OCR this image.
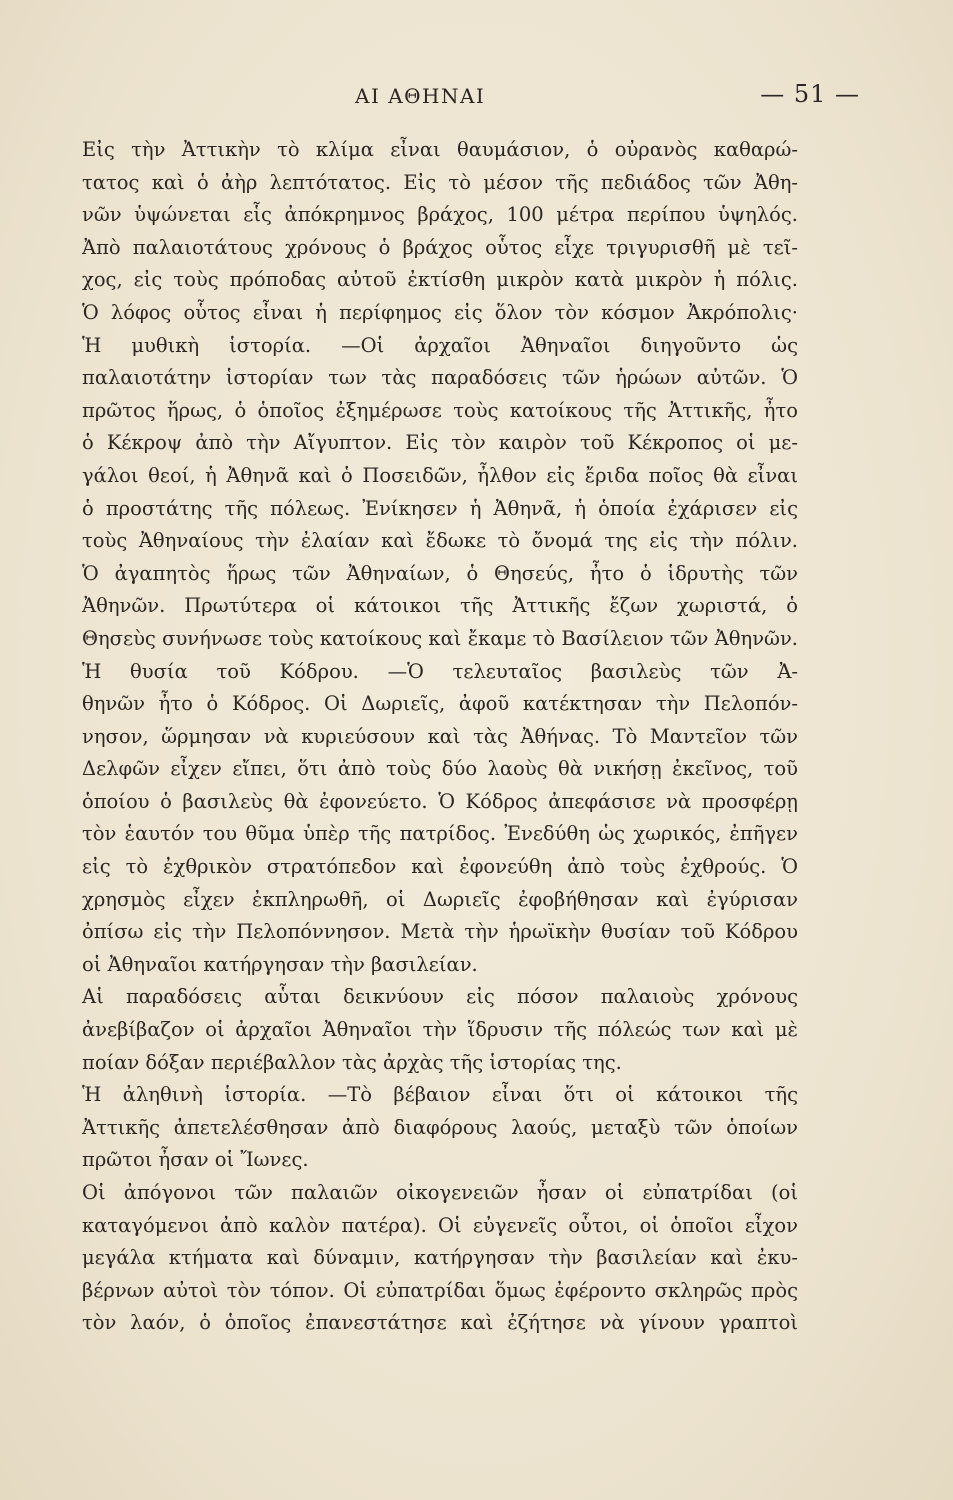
ΑΙ ΑΘΗΝΑΙ	— 51 —
Εἰς τὴν Ἀττικὴν τὸ κλίμα εἶναι θαυμάσιον, ὁ οὐρανὸς καθαρώ-
τατος καὶ ὁ ἀὴρ λεπτότατος. Εἰς τὸ μέσον τῆς πεδιάδος τῶν Ἀθη-
νῶν ὑψώνεται εἷς ἀπόκρημνος βράχος, 100 μέτρα περίπου ὑψηλός.
Ἀπὸ παλαιοτάτους χρόνους ὁ βράχος οὗτος εἶχε τριγυρισθῆ μὲ τεῖ-
χος, εἰς τοὺς πρόποδας αὐτοῦ ἐκτίσθη μικρὸν κατὰ μικρὸν ἡ πόλις.
Ὁ λόφος οὗτος εἶναι ἡ περίφημος εἰς ὅλον τὸν κόσμον Ἀκρόπολις·
Ἡ μυθικὴ ἱστορία. —Οἱ ἀρχαῖοι Ἀθηναῖοι διηγοῦντο ὡς
παλαιοτάτην ἱστορίαν των τὰς παραδόσεις τῶν ἡρώων αὐτῶν. Ὁ
πρῶτος ἥρως, ὁ ὁποῖος ἐξημέρωσε τοὺς κατοίκους τῆς Ἀττικῆς, ἦτο
ὁ Κέκροψ ἀπὸ τὴν Αἴγυπτον. Εἰς τὸν καιρὸν τοῦ Κέκροπος οἱ με-
γάλοι θεοί, ἡ Ἀθηνᾶ καὶ ὁ Ποσειδῶν, ἦλθον εἰς ἔριδα ποῖος θὰ εἶναι
ὁ προστάτης τῆς πόλεως. Ἐνίκησεν ἡ Ἀθηνᾶ, ἡ ὁποία ἐχάρισεν εἰς
τοὺς Ἀθηναίους τὴν ἐλαίαν καὶ ἔδωκε τὸ ὄνομά της εἰς τὴν πόλιν.
Ὁ ἀγαπητὸς ἥρως τῶν Ἀθηναίων, ὁ Θησεύς, ἦτο ὁ ἱδρυτὴς τῶν
Ἀθηνῶν. Πρωτύτερα οἱ κάτοικοι τῆς Ἀττικῆς ἔζων χωριστά, ὁ
Θησεὺς συνήνωσε τοὺς κατοίκους καὶ ἔκαμε τὸ Βασίλειον τῶν Ἀθηνῶν.
Ἡ θυσία τοῦ Κόδρου. —Ὁ τελευταῖος βασιλεὺς τῶν Ἀ-
θηνῶν ἦτο ὁ Κόδρος. Οἱ Δωριεῖς, ἀφοῦ κατέκτησαν τὴν Πελοπόν-
νησον, ὥρμησαν νὰ κυριεύσουν καὶ τὰς Ἀθήνας. Τὸ Μαντεῖον τῶν
Δελφῶν εἶχεν εἴπει, ὅτι ἀπὸ τοὺς δύο λαοὺς θὰ νικήσῃ ἐκεῖνος, τοῦ
ὁποίου ὁ βασιλεὺς θὰ ἐφονεύετο. Ὁ Κόδρος ἀπεφάσισε νὰ προσφέρῃ
τὸν ἑαυτόν του θῦμα ὑπὲρ τῆς πατρίδος. Ἐνεδύθη ὡς χωρικός, ἐπῆγεν
εἰς τὸ ἐχθρικὸν στρατόπεδον καὶ ἐφονεύθη ἀπὸ τοὺς ἐχθρούς. Ὁ
χρησμὸς εἶχεν ἐκπληρωθῆ, οἱ Δωριεῖς ἐφοβήθησαν καὶ ἐγύρισαν
ὀπίσω εἰς τὴν Πελοπόννησον. Μετὰ τὴν ἡρωϊκὴν θυσίαν τοῦ Κόδρου
οἱ Ἀθηναῖοι κατήργησαν τὴν βασιλείαν.
Αἱ παραδόσεις αὗται δεικνύουν εἰς πόσον παλαιοὺς χρόνους
ἀνεβίβαζον οἱ ἀρχαῖοι Ἀθηναῖοι τὴν ἵδρυσιν τῆς πόλεώς των καὶ μὲ
ποίαν δόξαν περιέβαλλον τὰς ἀρχὰς τῆς ἱστορίας της.
Ἡ ἀληθινὴ ἱστορία. —Τὸ βέβαιον εἶναι ὅτι οἱ κάτοικοι τῆς
Ἀττικῆς ἀπετελέσθησαν ἀπὸ διαφόρους λαούς, μεταξὺ τῶν ὁποίων
πρῶτοι ἦσαν οἱ Ἴωνες.
Οἱ ἀπόγονοι τῶν παλαιῶν οἰκογενειῶν ἦσαν οἱ εὐπατρίδαι (οἱ
καταγόμενοι ἀπὸ καλὸν πατέρα). Οἱ εὐγενεῖς οὗτοι, οἱ ὁποῖοι εἶχον
μεγάλα κτήματα καὶ δύναμιν, κατήργησαν τὴν βασιλείαν καὶ ἐκυ-
βέρνων αὐτοὶ τὸν τόπον. Οἱ εὐπατρίδαι ὅμως ἐφέροντο σκληρῶς πρὸς
τὸν λαόν, ὁ ὁποῖος ἐπανεστάτησε καὶ ἐζήτησε νὰ γίνουν γραπτοὶ
